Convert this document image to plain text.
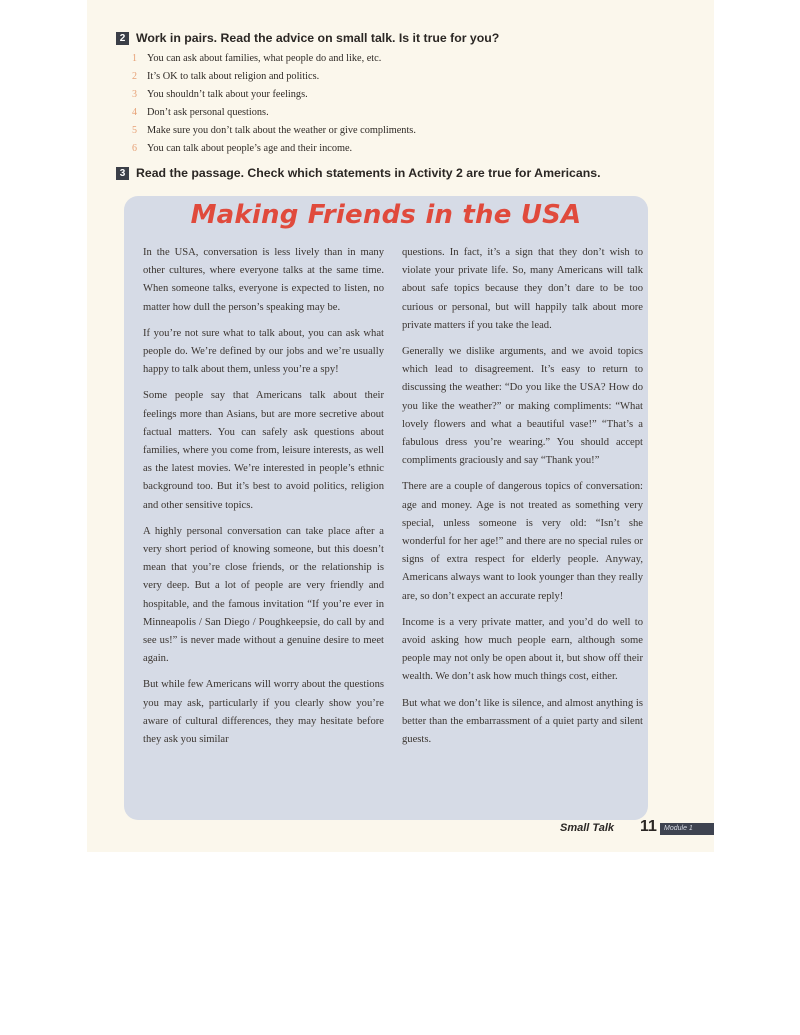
2 Work in pairs. Read the advice on small talk. Is it true for you?
1 You can ask about families, what people do and like, etc.
2 It’s OK to talk about religion and politics.
3 You shouldn’t talk about your feelings.
4 Don’t ask personal questions.
5 Make sure you don’t talk about the weather or give compliments.
6 You can talk about people’s age and their income.
3 Read the passage. Check which statements in Activity 2 are true for Americans.
Making Friends in the USA

In the USA, conversation is less lively than in many other cultures, where everyone talks at the same time. When someone talks, everyone is expected to listen, no matter how dull the person’s speaking may be.

If you’re not sure what to talk about, you can ask what people do. We’re defined by our jobs and we’re usually happy to talk about them, unless you’re a spy!

Some people say that Americans talk about their feelings more than Asians, but are more secretive about factual matters. You can safely ask questions about families, where you come from, leisure interests, as well as the latest movies. We’re interested in people’s ethnic background too. But it’s best to avoid politics, religion and other sensitive topics.

A highly personal conversation can take place after a very short period of knowing someone, but this doesn’t mean that you’re close friends, or the relationship is very deep. But a lot of people are very friendly and hospitable, and the famous invitation “If you’re ever in Minneapolis / San Diego / Poughkeepsie, do call by and see us!” is never made without a genuine desire to meet again.

But while few Americans will worry about the questions you may ask, particularly if you clearly show you’re aware of cultural differences, they may hesitate before they ask you similar

questions. In fact, it’s a sign that they don’t wish to violate your private life. So, many Americans will talk about safe topics because they don’t dare to be too curious or personal, but will happily talk about more private matters if you take the lead.

Generally we dislike arguments, and we avoid topics which lead to disagreement. It’s easy to return to discussing the weather: “Do you like the USA? How do you like the weather?” or making compliments: “What lovely flowers and what a beautiful vase!” “That’s a fabulous dress you’re wearing.” You should accept compliments graciously and say “Thank you!”

There are a couple of dangerous topics of conversation: age and money. Age is not treated as something very special, unless someone is very old: “Isn’t she wonderful for her age!” and there are no special rules or signs of extra respect for elderly people. Anyway, Americans always want to look younger than they really are, so don’t expect an accurate reply!

Income is a very private matter, and you’d do well to avoid asking how much people earn, although some people may not only be open about it, but show off their wealth. We don’t ask how much things cost, either.

But what we don’t like is silence, and almost anything is better than the embarrassment of a quiet party and silent guests.

Small Talk 11	Module 1
